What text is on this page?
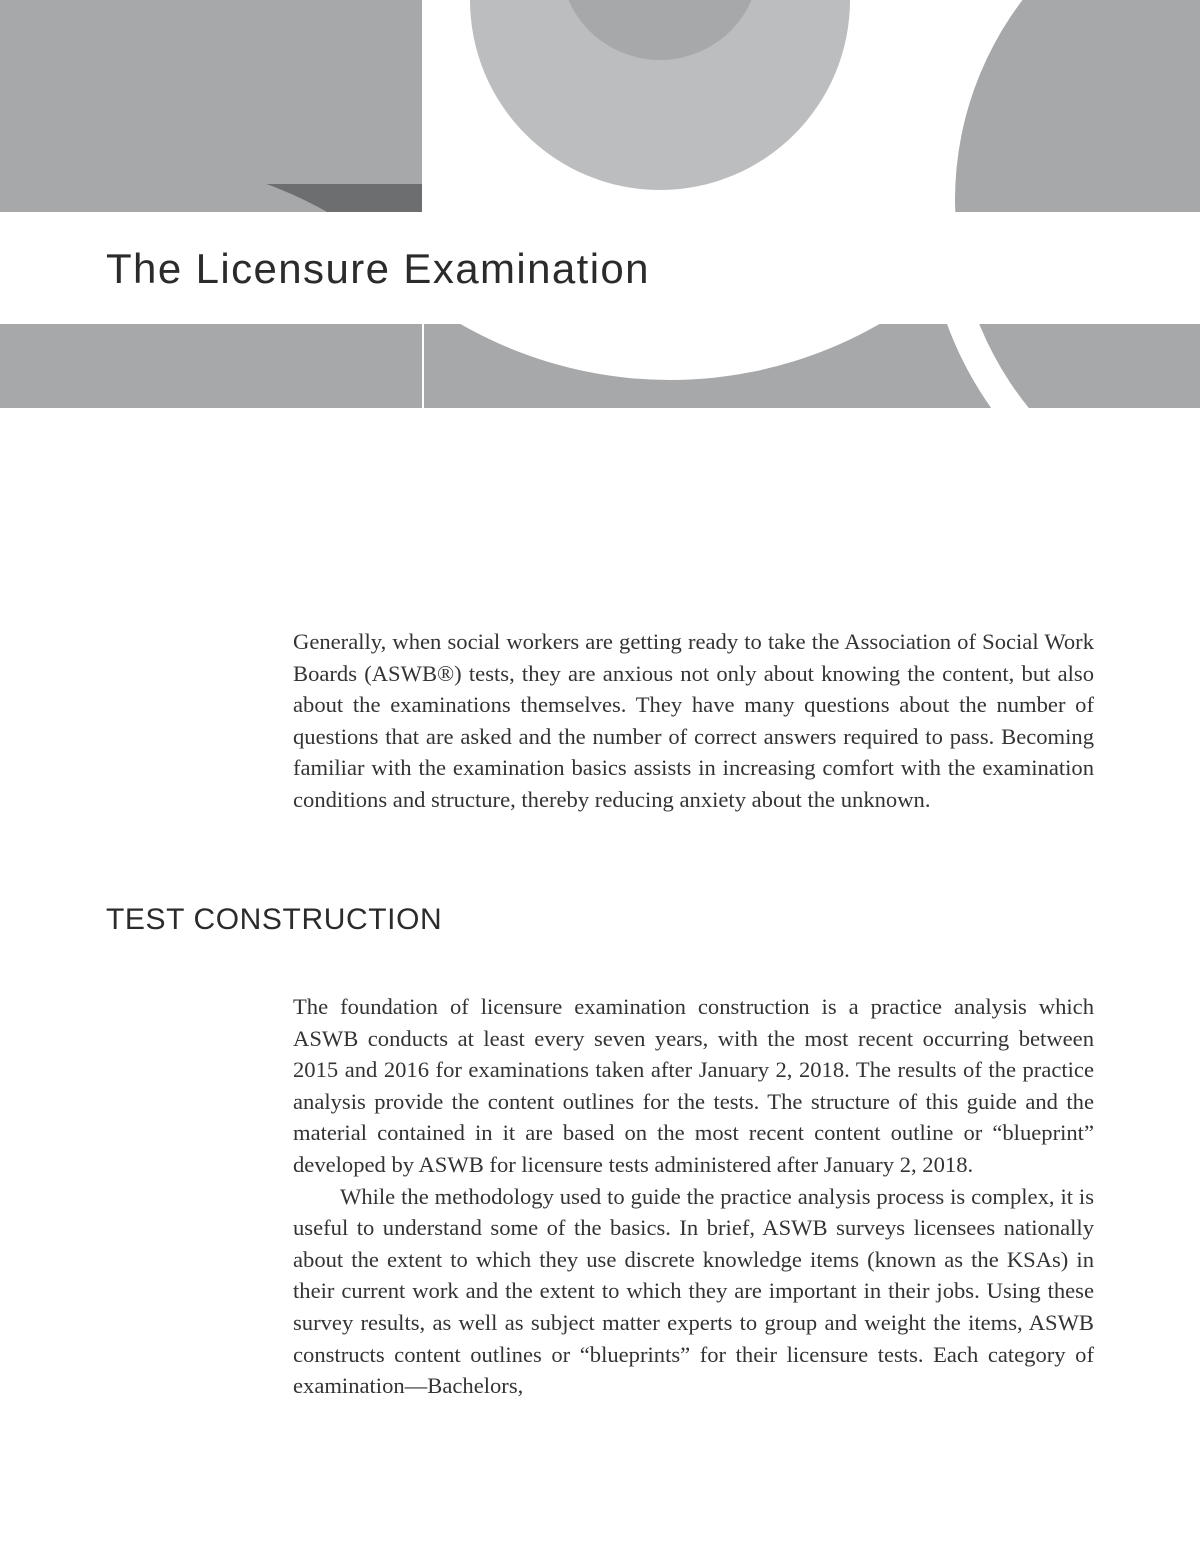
The Licensure Examination

Generally, when social workers are getting ready to take the Association of Social Work Boards (ASWB®) tests, they are anxious not only about knowing the content, but also about the examinations themselves. They have many questions about the number of questions that are asked and the number of correct answers required to pass. Becoming familiar with the examination basics assists in increasing comfort with the examination conditions and structure, thereby reducing anxiety about the unknown.

TEST CONSTRUCTION

The foundation of licensure examination construction is a practice analysis which ASWB conducts at least every seven years, with the most recent occurring between 2015 and 2016 for examinations taken after January 2, 2018. The results of the practice analysis provide the content outlines for the tests. The structure of this guide and the material contained in it are based on the most recent content outline or “blueprint” developed by ASWB for licensure tests administered after January 2, 2018.

While the methodology used to guide the practice analysis process is complex, it is useful to understand some of the basics. In brief, ASWB surveys licensees nationally about the extent to which they use discrete knowledge items (known as the KSAs) in their current work and the extent to which they are important in their jobs. Using these survey results, as well as subject matter experts to group and weight the items, ASWB constructs content outlines or “blueprints” for their licensure tests. Each category of examination—Bachelors,
